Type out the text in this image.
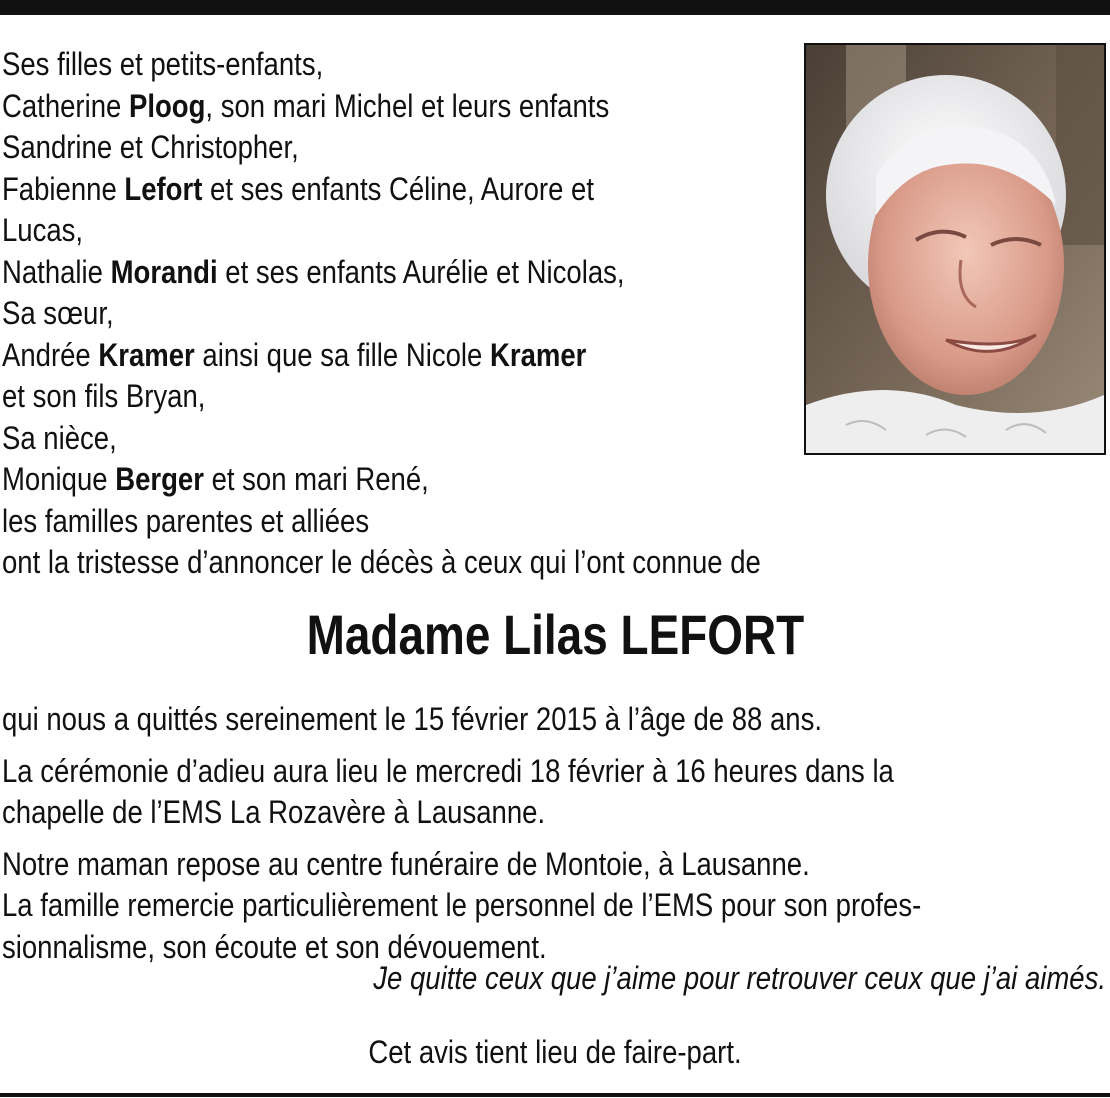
Ses filles et petits-enfants,
Catherine Ploog, son mari Michel et leurs enfants
Sandrine et Christopher,
Fabienne Lefort et ses enfants Céline, Aurore et
Lucas,
Nathalie Morandi et ses enfants Aurélie et Nicolas,
Sa sœur,
Andrée Kramer ainsi que sa fille Nicole Kramer
et son fils Bryan,
Sa nièce,
Monique Berger et son mari René,
les familles parentes et alliées
ont la tristesse d’annoncer le décès à ceux qui l’ont connue de
Madame Lilas LEFORT
qui nous a quittés sereinement le 15 février 2015 à l’âge de 88 ans.
La cérémonie d’adieu aura lieu le mercredi 18 février à 16 heures dans la
chapelle de l’EMS La Rozavère à Lausanne.
Notre maman repose au centre funéraire de Montoie, à Lausanne.
La famille remercie particulièrement le personnel de l’EMS pour son profes-
sionnalisme, son écoute et son dévouement.
Je quitte ceux que j’aime pour retrouver ceux que j’ai aimés.
Cet avis tient lieu de faire-part.
